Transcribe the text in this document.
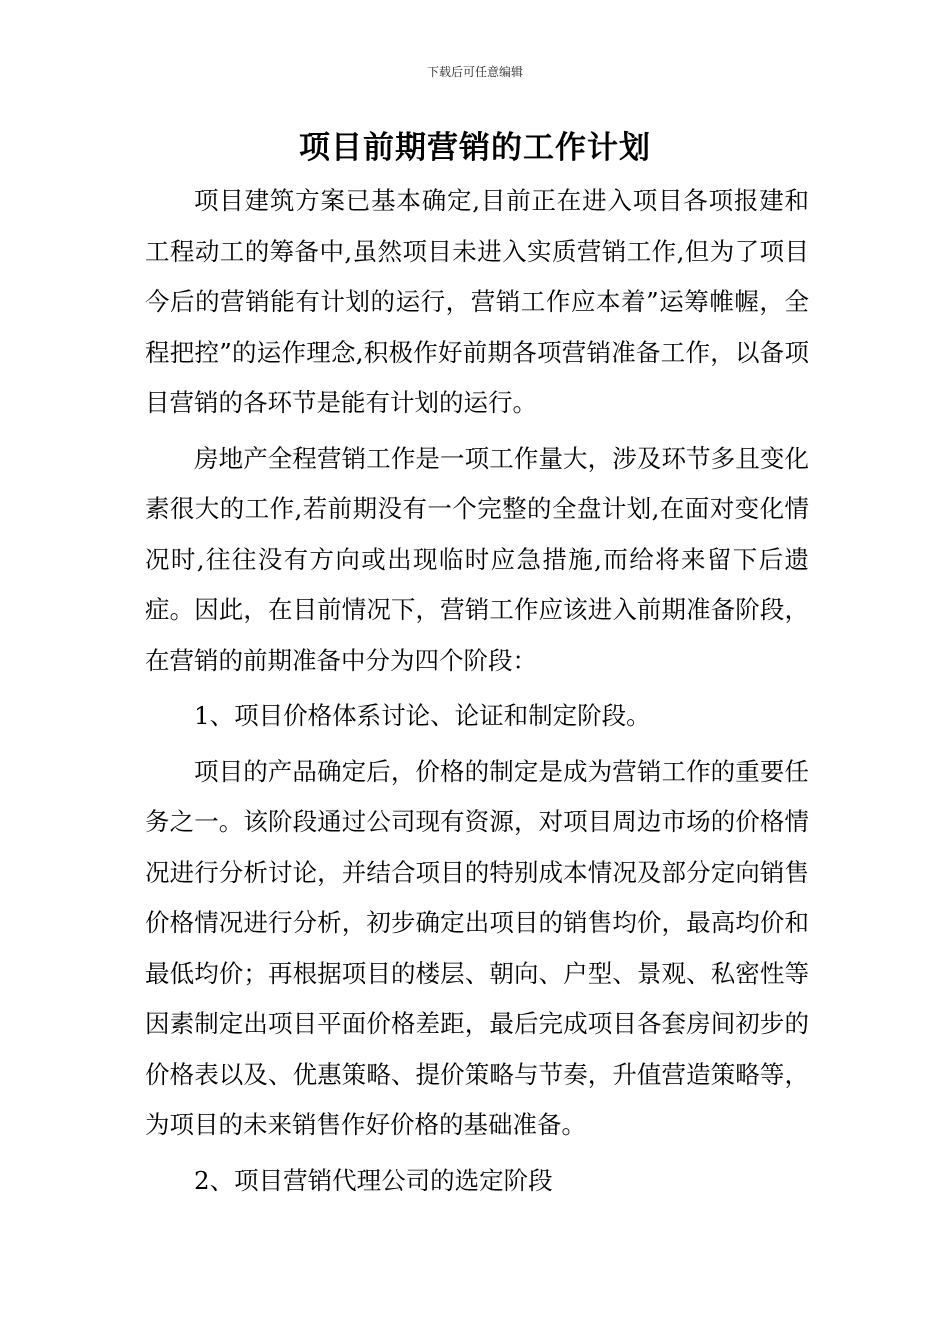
下载后可任意编辑
项目前期营销的工作计划

项目建筑方案已基本确定,目前正在进入项目各项报建和工程动工的筹备中,虽然项目未进入实质营销工作,但为了项目今后的营销能有计划的运行，营销工作应本着”运筹帷幄，全程把控”的运作理念,积极作好前期各项营销准备工作，以备项目营销的各环节是能有计划的运行。

房地产全程营销工作是一项工作量大，涉及环节多且变化素很大的工作,若前期没有一个完整的全盘计划,在面对变化情况时,往往没有方向或出现临时应急措施,而给将来留下后遗症。因此，在目前情况下，营销工作应该进入前期准备阶段，在营销的前期准备中分为四个阶段：

1、项目价格体系讨论、论证和制定阶段。

项目的产品确定后，价格的制定是成为营销工作的重要任务之一。该阶段通过公司现有资源，对项目周边市场的价格情况进行分析讨论，并结合项目的特别成本情况及部分定向销售价格情况进行分析，初步确定出项目的销售均价，最高均价和最低均价；再根据项目的楼层、朝向、户型、景观、私密性等因素制定出项目平面价格差距，最后完成项目各套房间初步的价格表以及、优惠策略、提价策略与节奏，升值营造策略等，为项目的未来销售作好价格的基础准备。

2、项目营销代理公司的选定阶段
